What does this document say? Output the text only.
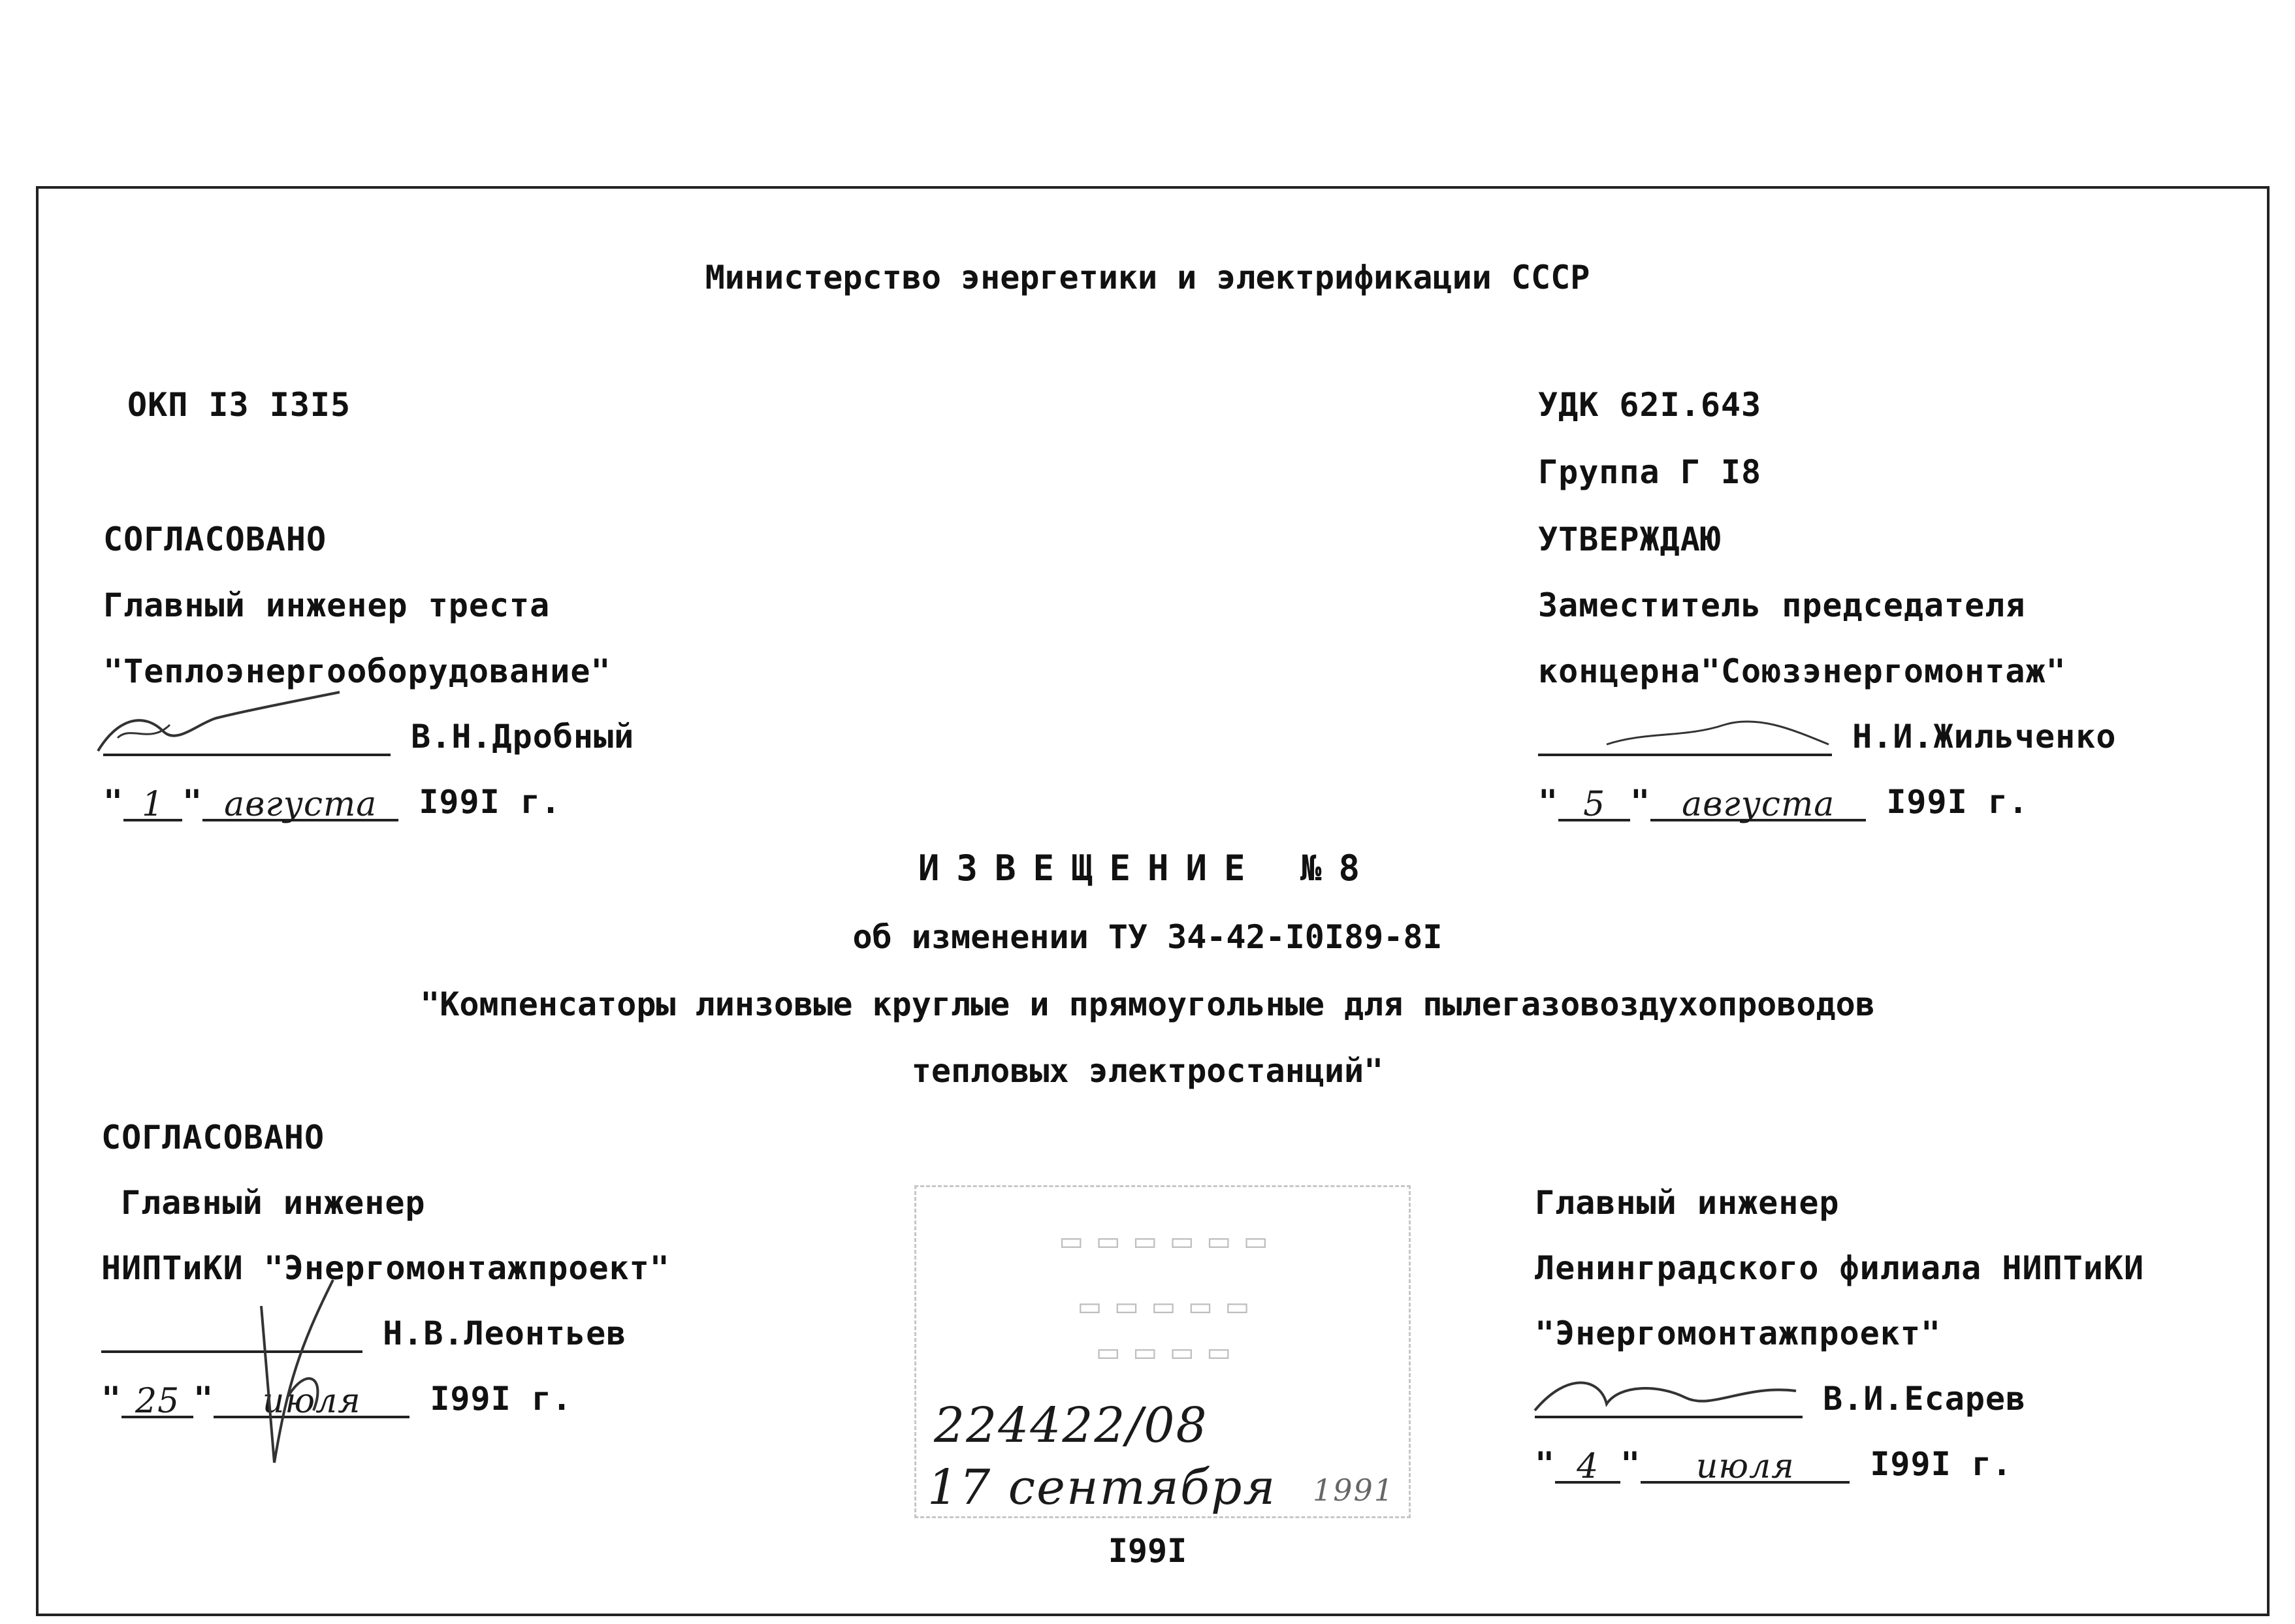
Министерство энергетики и электрификации СССР
ОКП I3 I3I5	УДК 62I.643
Группа Г I8
СОГЛАСОВАНО
Главный инженер треста
"Теплоэнергооборудование"
В.Н.Дробный
" 1 " августа I99I г.
УТВЕРЖДАЮ
Заместитель председателя
концерна"Союзэнергомонтаж"
Н.И.Жильченко
" 5 " августа I99I г.
ИЗВЕЩЕНИЕ №8
об изменении ТУ 34-42-I0I89-8I
"Компенсаторы линзовые круглые и прямоугольные для пылегазовоздухопроводов
тепловых электростанций"
СОГЛАСОВАНО
Главный инженер
НИПТиКИ "Энергомонтажпроект"
Н.В.Леонтьев
" 25 " июля I99I г.
Главный инженер
Ленинградского филиала НИПТиКИ
"Энергомонтажпроект"
В.И.Есарев
" 4 " июля I99I г.
▭ ▭ ▭ ▭ ▭ ▭
▭ ▭ ▭ ▭ ▭
▭ ▭ ▭ ▭
224422/08
17 сентября 1991
I99I
